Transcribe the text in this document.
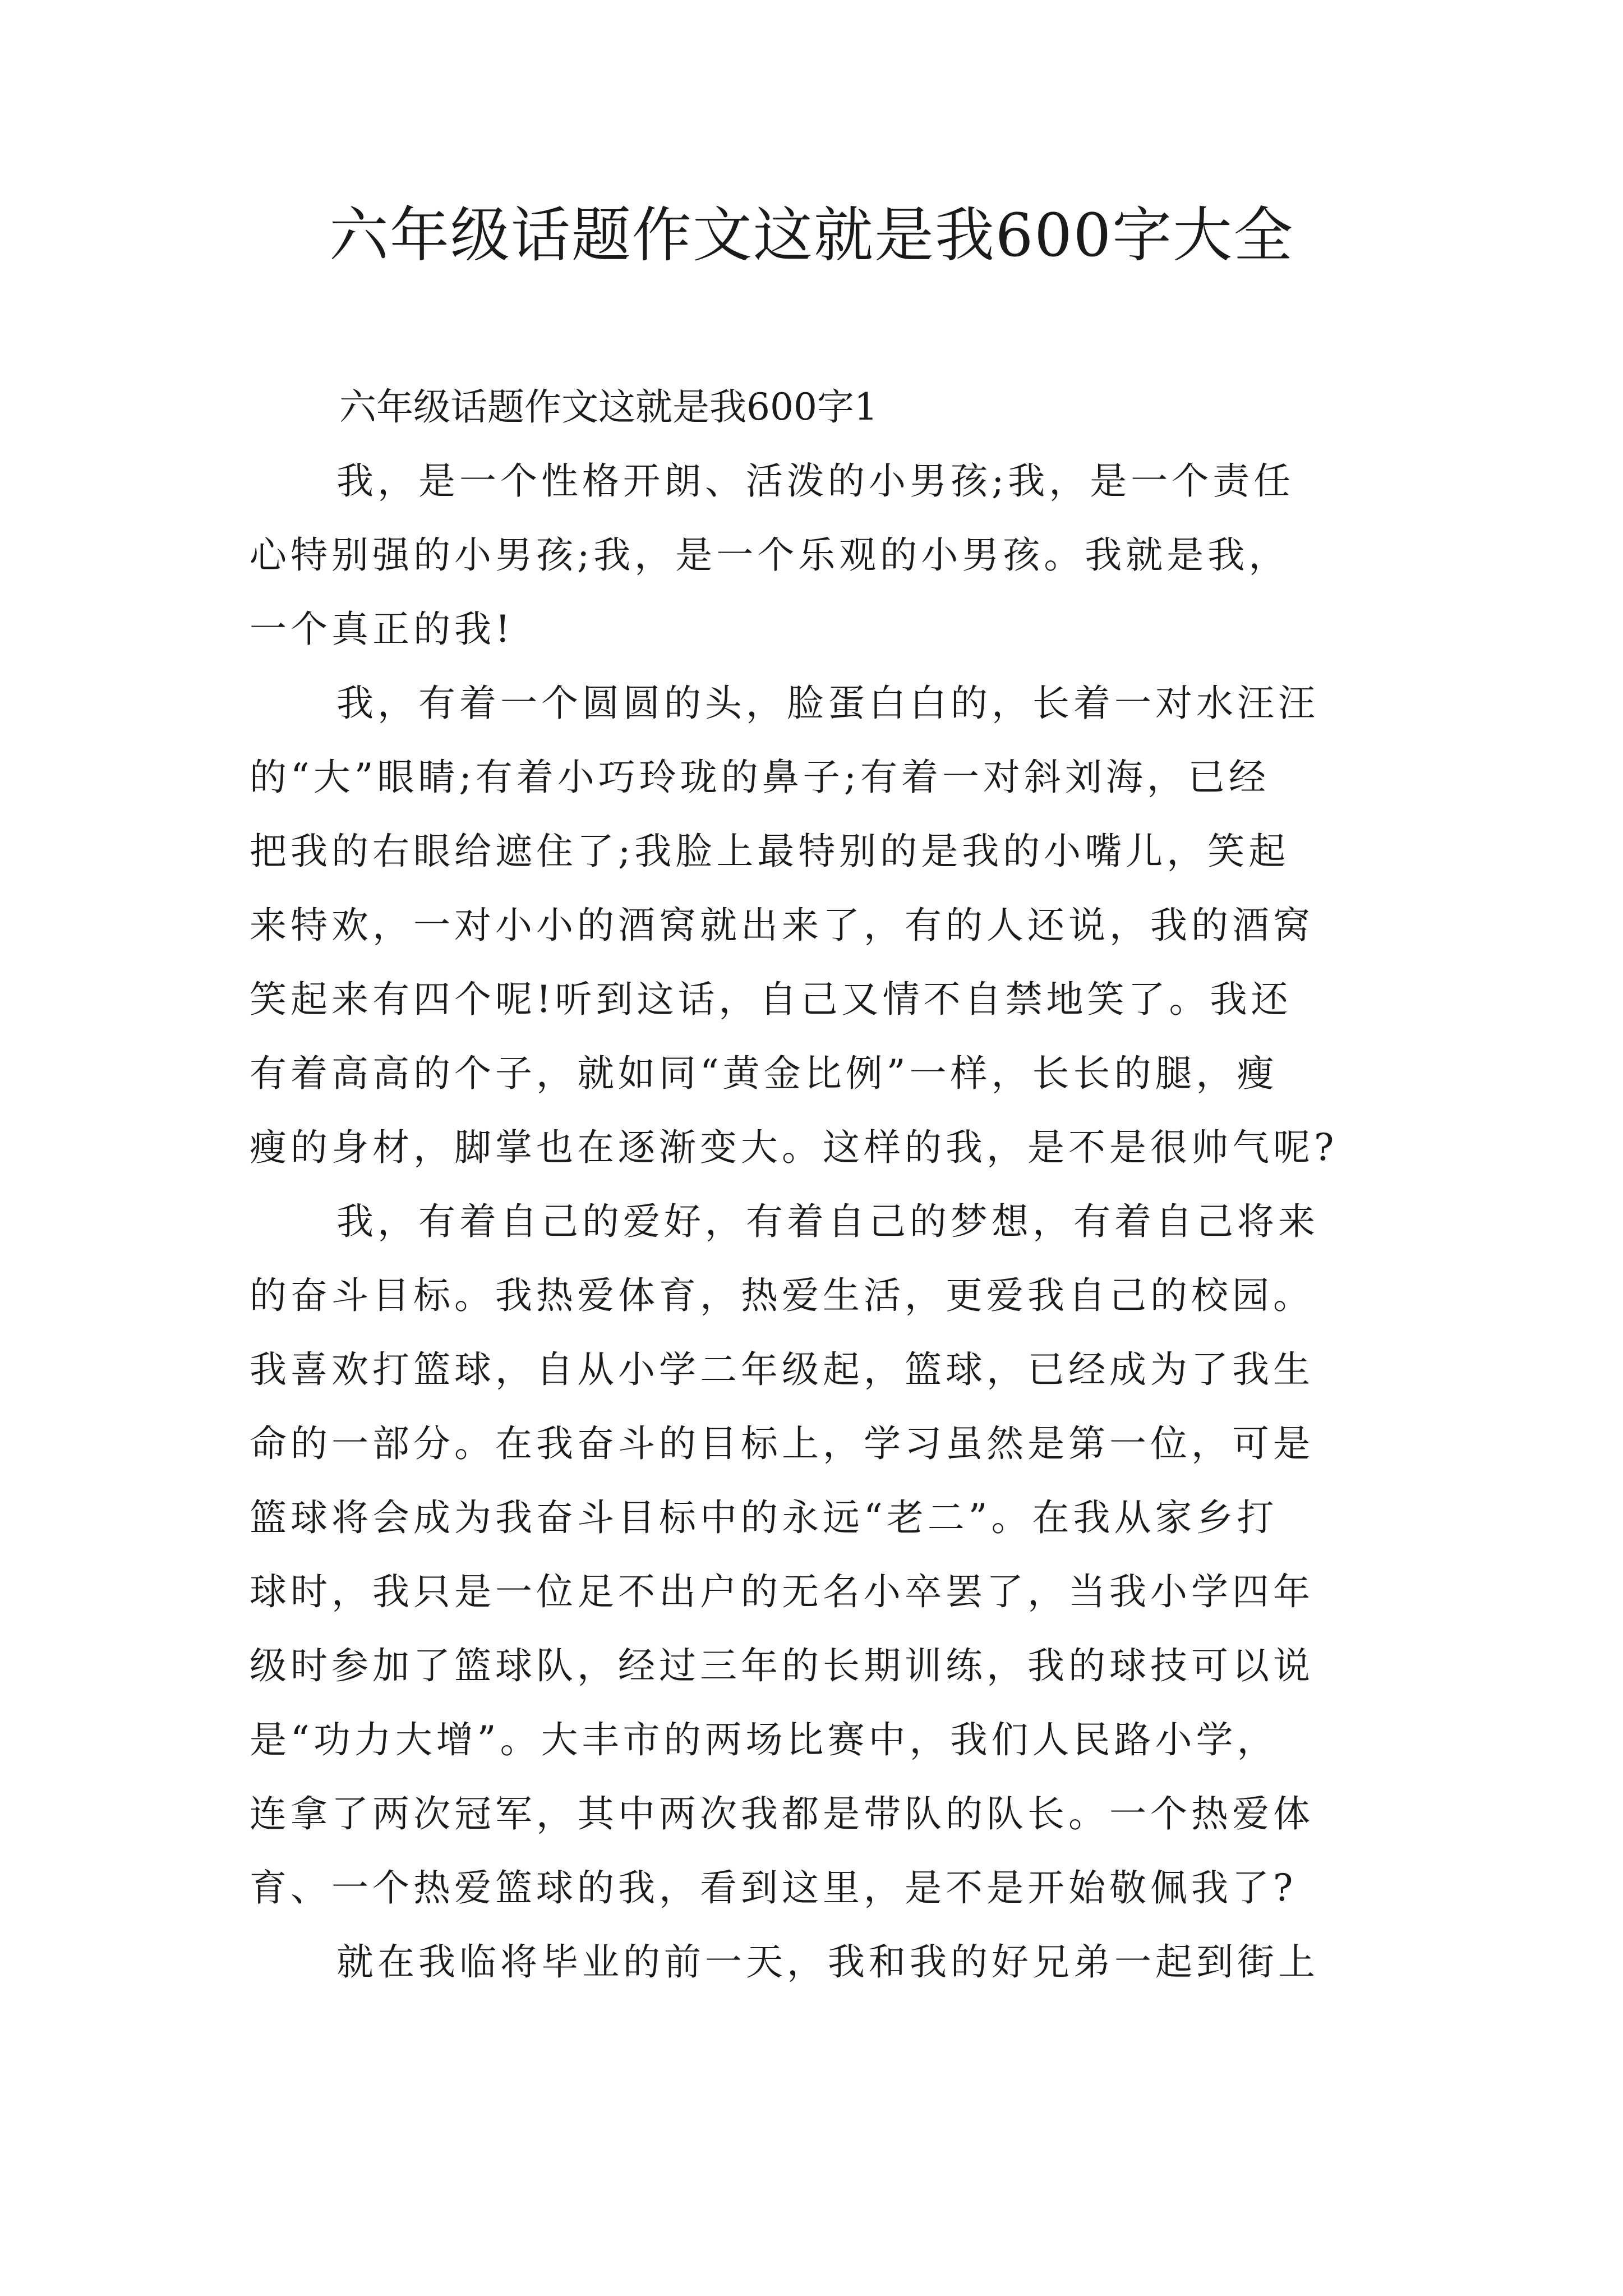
六年级话题作文这就是我600字大全

六年级话题作文这就是我600字1

我，是一个性格开朗、活泼的小男孩;我，是一个责任

心特别强的小男孩;我，是一个乐观的小男孩。我就是我，

一个真正的我!

我，有着一个圆圆的头，脸蛋白白的，长着一对水汪汪

的“大”眼睛;有着小巧玲珑的鼻子;有着一对斜刘海，已经

把我的右眼给遮住了;我脸上最特别的是我的小嘴儿，笑起

来特欢，一对小小的酒窝就出来了，有的人还说，我的酒窝

笑起来有四个呢!听到这话，自己又情不自禁地笑了。我还

有着高高的个子，就如同“黄金比例”一样，长长的腿，瘦

瘦的身材，脚掌也在逐渐变大。这样的我，是不是很帅气呢?

我，有着自己的爱好，有着自己的梦想，有着自己将来

的奋斗目标。我热爱体育，热爱生活，更爱我自己的校园。

我喜欢打篮球，自从小学二年级起，篮球，已经成为了我生

命的一部分。在我奋斗的目标上，学习虽然是第一位，可是

篮球将会成为我奋斗目标中的永远“老二”。在我从家乡打

球时，我只是一位足不出户的无名小卒罢了，当我小学四年

级时参加了篮球队，经过三年的长期训练，我的球技可以说

是“功力大增”。大丰市的两场比赛中，我们人民路小学，

连拿了两次冠军，其中两次我都是带队的队长。一个热爱体

育、一个热爱篮球的我，看到这里，是不是开始敬佩我了?

就在我临将毕业的前一天，我和我的好兄弟一起到街上
